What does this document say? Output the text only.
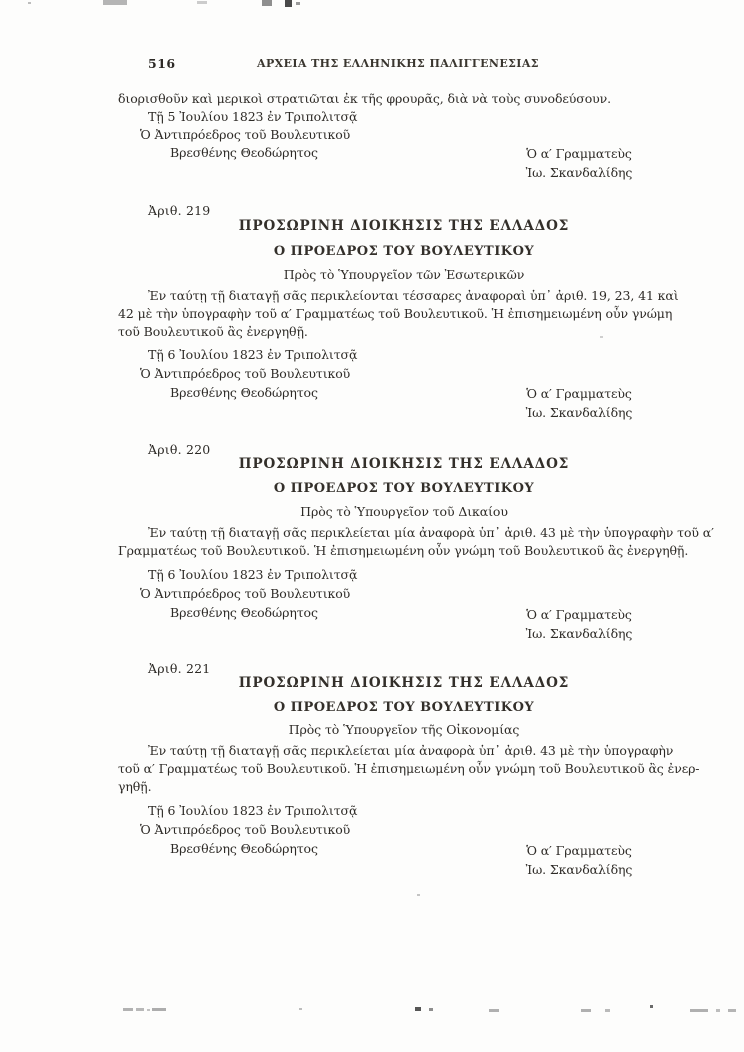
516	ΑΡΧΕΙΑ ΤΗΣ ΕΛΛΗΝΙΚΗΣ ΠΑΛΙΓΓΕΝΕΣΙΑΣ
διορισθοῦν καὶ μερικοὶ στρατιῶται ἐκ τῆς φρουρᾶς, διὰ νὰ τοὺς συνοδεύσουν.
Τῇ 5 Ἰουλίου 1823 ἐν Τριπολιτσᾷ
Ὁ Ἀντιπρόεδρος τοῦ Βουλευτικοῦ
Βρεσθένης Θεοδώρητος	Ὁ α′ Γραμματεὺς
Ἰω. Σκανδαλίδης
Ἀριθ. 219
ΠΡΟΣΩΡΙΝΗ ΔΙΟΙΚΗΣΙΣ ΤΗΣ ΕΛΛΑΔΟΣ
Ο ΠΡΟΕΔΡΟΣ ΤΟΥ ΒΟΥΛΕΥΤΙΚΟΥ
Πρὸς τὸ Ὑπουργεῖον τῶν Ἐσωτερικῶν
Ἐν ταύτῃ τῇ διαταγῇ σᾶς περικλείονται τέσσαρες ἀναφοραὶ ὑπ᾽ ἀριθ. 19, 23, 41 καὶ
42 μὲ τὴν ὑπογραφὴν τοῦ α′ Γραμματέως τοῦ Βουλευτικοῦ. Ἡ ἐπισημειωμένη οὖν γνώμη
τοῦ Βουλευτικοῦ ἂς ἐνεργηθῇ.
Τῇ 6 Ἰουλίου 1823 ἐν Τριπολιτσᾷ
Ὁ Ἀντιπρόεδρος τοῦ Βουλευτικοῦ
Βρεσθένης Θεοδώρητος	Ὁ α′ Γραμματεὺς
Ἰω. Σκανδαλίδης
Ἀριθ. 220
ΠΡΟΣΩΡΙΝΗ ΔΙΟΙΚΗΣΙΣ ΤΗΣ ΕΛΛΑΔΟΣ
Ο ΠΡΟΕΔΡΟΣ ΤΟΥ ΒΟΥΛΕΥΤΙΚΟΥ
Πρὸς τὸ Ὑπουργεῖον τοῦ Δικαίου
Ἐν ταύτῃ τῇ διαταγῇ σᾶς περικλείεται μία ἀναφορὰ ὑπ᾽ ἀριθ. 43 μὲ τὴν ὑπογραφὴν τοῦ α′
Γραμματέως τοῦ Βουλευτικοῦ. Ἡ ἐπισημειωμένη οὖν γνώμη τοῦ Βουλευτικοῦ ἂς ἐνεργηθῇ.
Τῇ 6 Ἰουλίου 1823 ἐν Τριπολιτσᾷ
Ὁ Ἀντιπρόεδρος τοῦ Βουλευτικοῦ
Βρεσθένης Θεοδώρητος	Ὁ α′ Γραμματεὺς
Ἰω. Σκανδαλίδης
Ἀριθ. 221
ΠΡΟΣΩΡΙΝΗ ΔΙΟΙΚΗΣΙΣ ΤΗΣ ΕΛΛΑΔΟΣ
Ο ΠΡΟΕΔΡΟΣ ΤΟΥ ΒΟΥΛΕΥΤΙΚΟΥ
Πρὸς τὸ Ὑπουργεῖον τῆς Οἰκονομίας
Ἐν ταύτῃ τῇ διαταγῇ σᾶς περικλείεται μία ἀναφορὰ ὑπ᾽ ἀριθ. 43 μὲ τὴν ὑπογραφὴν
τοῦ α′ Γραμματέως τοῦ Βουλευτικοῦ. Ἡ ἐπισημειωμένη οὖν γνώμη τοῦ Βουλευτικοῦ ἂς ἐνερ-
γηθῇ.
Τῇ 6 Ἰουλίου 1823 ἐν Τριπολιτσᾷ
Ὁ Ἀντιπρόεδρος τοῦ Βουλευτικοῦ
Βρεσθένης Θεοδώρητος	Ὁ α′ Γραμματεὺς
Ἰω. Σκανδαλίδης
